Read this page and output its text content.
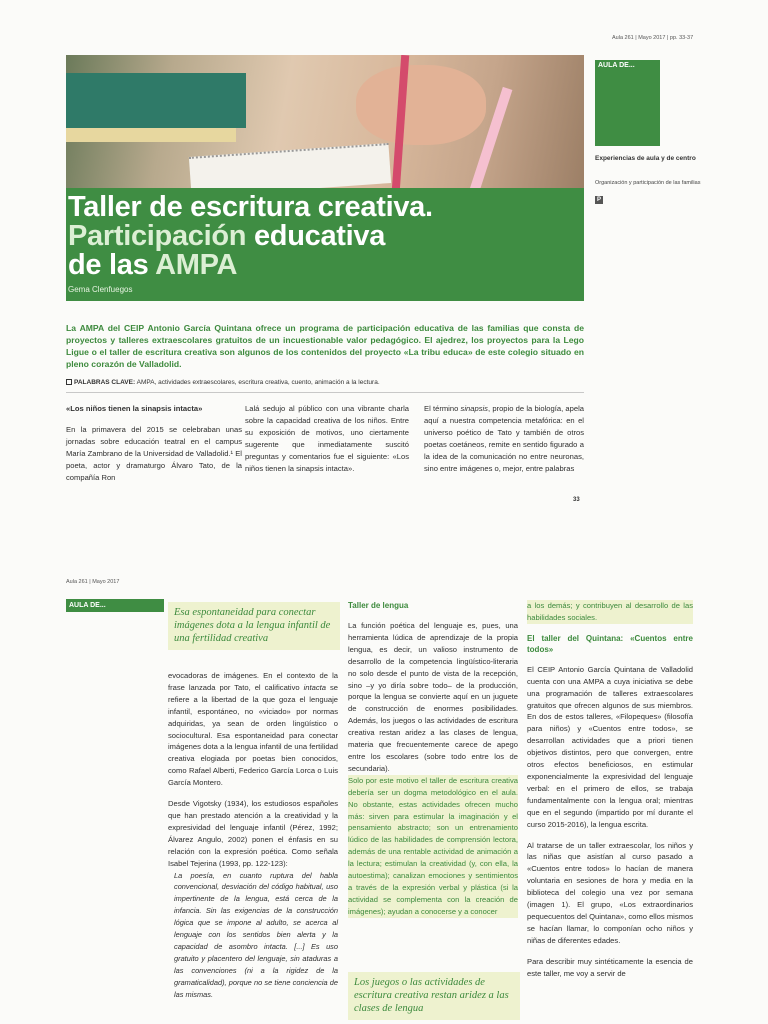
Aula 261 | Mayo 2017 | pp. 33-37
Taller de escritura creativa.
Participación educativa
de las AMPA
Gema Clenfuegos
AULA DE...
Experiencias de aula y de centro
Organización y participación de las familias
P
La AMPA del CEIP Antonio García Quintana ofrece un programa de participación educativa de las familias que consta de proyectos y talleres extraescolares gratuitos de un incuestionable valor pedagógico. El ajedrez, los proyectos para la Lego Ligue o el taller de escritura creativa son algunos de los contenidos del proyecto «La tribu educa» de este colegio situado en pleno corazón de Valladolid.
PALABRAS CLAVE: AMPA, actividades extraescolares, escritura creativa, cuento, animación a la lectura.

«Los niños tienen la sinapsis intacta»

En la primavera del 2015 se celebraban unas jornadas sobre educación teatral en el campus María Zambrano de la Universidad de Valladolid.¹ El poeta, actor y dramaturgo Álvaro Tato, de la compañía Ron

Lalá sedujo al público con una vibrante charla sobre la capacidad creativa de los niños. Entre su exposición de motivos, uno ciertamente sugerente que inmediatamente suscitó preguntas y comentarios fue el siguiente: «Los niños tienen la sinapsis intacta».

El término sinapsis, propio de la biología, apela aquí a nuestra competencia metafórica: en el universo poético de Tato y también de otros poetas coetáneos, remite en sentido figurado a la idea de la comunicación no entre neuronas, sino entre imágenes o, mejor, entre palabras

33
Aula 261 | Mayo 2017
AULA DE...
Esa espontaneidad para conectar imágenes dota a la lengua infantil de una fertilidad creativa

evocadoras de imágenes. En el contexto de la frase lanzada por Tato, el calificativo intacta se refiere a la libertad de la que goza el lenguaje infantil, espontáneo, no «viciado» por normas adquiridas, ya sean de orden lingüístico o sociocultural. Esa espontaneidad para conectar imágenes dota a la lengua infantil de una fertilidad creativa elogiada por poetas bien conocidos, como Rafael Alberti, Federico García Lorca o Luis García Montero.

Desde Vigotsky (1934), los estudiosos españoles que han prestado atención a la creatividad y la expresividad del lenguaje infantil (Pérez, 1992; Álvarez Angulo, 2002) ponen el énfasis en su relación con la expresión poética. Como señala Isabel Tejerina (1993, pp. 122-123):

La poesía, en cuanto ruptura del habla convencional, desviación del código habitual, uso impertinente de la lengua, está cerca de la infancia. Sin las exigencias de la construcción lógica que se impone al adulto, se acerca al lenguaje con los sentidos bien alerta y la capacidad de asombro intacta. [...] Es uso gratuito y placentero del lenguaje, sin ataduras a las convenciones (ni a la rigidez de la gramaticalidad), porque no se tiene conciencia de las mismas.

Taller de lengua

La función poética del lenguaje es, pues, una herramienta lúdica de aprendizaje de la propia lengua, es decir, un valioso instrumento de desarrollo de la competencia lingüístico-literaria no solo desde el punto de vista de la recepción, sino –y yo diría sobre todo– de la producción, porque la lengua se convierte aquí en un juguete de construcción de enormes posibilidades. Además, los juegos o las actividades de escritura creativa restan aridez a las clases de lengua, materia que frecuentemente carece de apego entre los escolares (sobre todo entre los de secundaria).

Solo por este motivo el taller de escritura creativa debería ser un dogma metodológico en el aula. No obstante, estas actividades ofrecen mucho más: sirven para estimular la imaginación y el pensamiento abstracto; son un entrenamiento lúdico de las habilidades de comprensión lectora, además de una rentable actividad de animación a la lectura; estimulan la creatividad (y, con ella, la autoestima); canalizan emociones y sentimientos a través de la expresión verbal y plástica (si la actividad se complementa con la creación de imágenes); ayudan a conocerse y a conocer

Los juegos o las actividades de escritura creativa restan aridez a las clases de lengua

a los demás; y contribuyen al desarrollo de las habilidades sociales.

El taller del Quintana: «Cuentos entre todos»

El CEIP Antonio García Quintana de Valladolid cuenta con una AMPA a cuya iniciativa se debe una programación de talleres extraescolares gratuitos que ofrecen algunos de sus miembros. En dos de estos talleres, «Filopeques» (filosofía para niños) y «Cuentos entre todos», se desarrollan actividades que a priori tienen objetivos distintos, pero que convergen, entre otros efectos beneficiosos, en estimular exponencialmente la expresividad del lenguaje verbal: en el primero de ellos, se trabaja fundamentalmente con la lengua oral; mientras que en el segundo (impartido por mí durante el curso 2015-2016), la lengua escrita.

Al tratarse de un taller extraescolar, los niños y las niñas que asistían al curso pasado a «Cuentos entre todos» lo hacían de manera voluntaria en sesiones de hora y media en la biblioteca del colegio una vez por semana (imagen 1). El grupo, «Los extraordinarios pequecuentos del Quintana», como ellos mismos se hacían llamar, lo componían ocho niños y niñas de diferentes edades.

Para describir muy sintéticamente la esencia de este taller, me voy a servir de
